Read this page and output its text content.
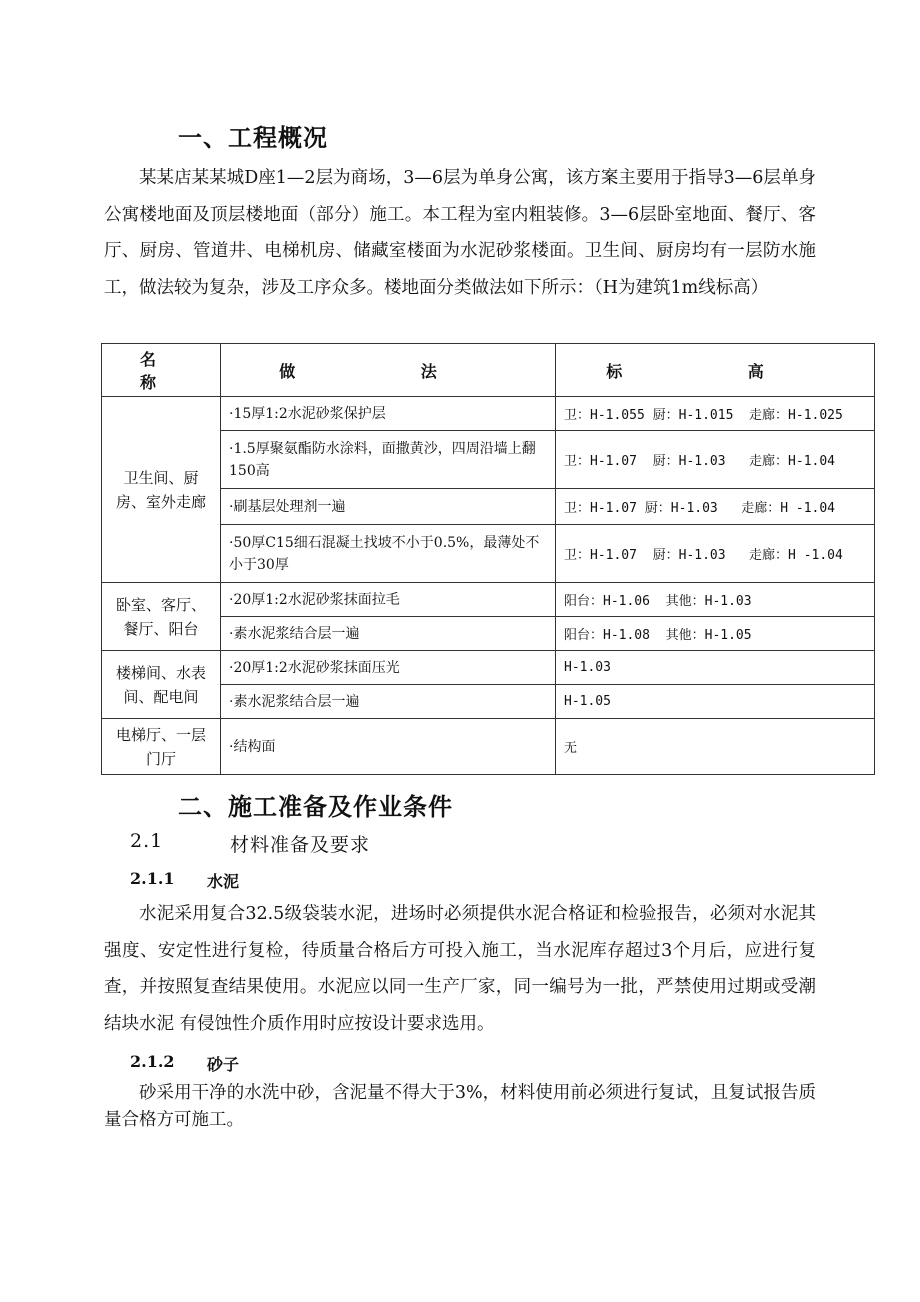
一、工程概况

某某店某某城D座1—2层为商场，3—6层为单身公寓，该方案主要用于指导3—6层单身公寓楼地面及顶层楼地面（部分）施工。本工程为室内粗装修。3—6层卧室地面、餐厅、客厅、厨房、管道井、电梯机房、储藏室楼面为水泥砂浆楼面。卫生间、厨房均有一层防水施工，做法较为复杂，涉及工序众多。楼地面分类做法如下所示：（H为建筑1m线标高）

名 称	做 法	标 高
卫生间、厨房、室外走廊	·15厚1:2水泥砂浆保护层	卫：H-1.055 厨：H-1.015  走廊：H-1.025
	·1.5厚聚氨酯防水涂料，面撒黄沙，四周沿墙上翻150高	卫：H-1.07  厨：H-1.03   走廊：H-1.04
	·刷基层处理剂一遍	卫：H-1.07 厨：H-1.03   走廊：H -1.04
	·50厚C15细石混凝土找坡不小于0.5%，最薄处不小于30厚	卫：H-1.07  厨：H-1.03   走廊：H -1.04
卧室、客厅、餐厅、阳台	·20厚1:2水泥砂浆抹面拉毛	阳台：H-1.06  其他：H-1.03
	·素水泥浆结合层一遍	阳台：H-1.08  其他：H-1.05
楼梯间、水表间、配电间	·20厚1:2水泥砂浆抹面压光	H-1.03
	·素水泥浆结合层一遍	H-1.05
电梯厅、一层门厅	·结构面	无
二、施工准备及作业条件
2.1	材料准备及要求
2.1.1 水泥

水泥采用复合32.5级袋装水泥，进场时必须提供水泥合格证和检验报告，必须对水泥其强度、安定性进行复检，待质量合格后方可投入施工，当水泥库存超过3个月后，应进行复查，并按照复查结果使用。水泥应以同一生产厂家，同一编号为一批，严禁使用过期或受潮结块水泥 有侵蚀性介质作用时应按设计要求选用。

2.1.2 砂子

砂采用干净的水洗中砂，含泥量不得大于3%，材料使用前必须进行复试，且复试报告质量合格方可施工。
